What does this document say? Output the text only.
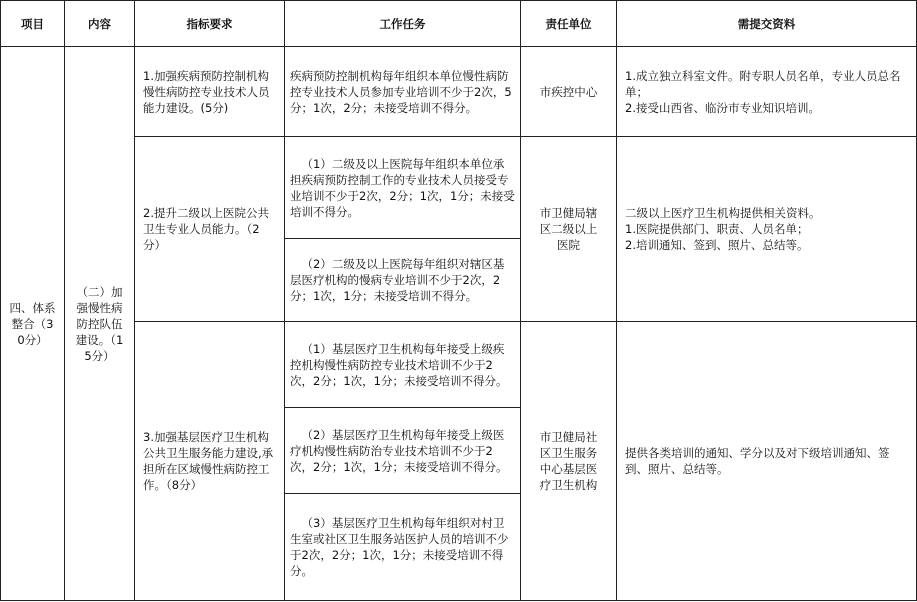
项目	内容	指标要求	工作任务	责任单位	需提交资料
四、体系整合（30分）	（二）加强慢性病防控队伍建设。（15分）	1.加强疾病预防控制机构慢性病防控专业技术人员能力建设。(5分)	疾病预防控制机构每年组织本单位慢性病防控专业技术人员参加专业培训不少于2次，5分；1次，2分；未接受培训不得分。	市疾控中心	1.成立独立科室文件。附专职人员名单，专业人员总名单；
2.接受山西省、临汾市专业知识培训。

		2.提升二级以上医院公共卫生专业人员能力。（2分）	（1）二级及以上医院每年组织本单位承担疾病预防控制工作的专业技术人员接受专业培训不少于2次，2分；1次，1分；未接受培训不得分。	市卫健局辖区二级以上医院	二级以上医疗卫生机构提供相关资料。
1.医院提供部门、职责、人员名单；
2.培训通知、签到、照片、总结等。

			（2）二级及以上医院每年组织对辖区基层医疗机构的慢病专业培训不少于2次，2分；1次，1分；未接受培训不得分。		
		3.加强基层医疗卫生机构公共卫生服务能力建设,承担所在区域慢性病防控工作。（8分）	（1）基层医疗卫生机构每年接受上级疾控机构慢性病防控专业技术培训不少于2次，2分；1次，1分；未接受培训不得分。	市卫健局社区卫生服务中心基层医疗卫生机构	提供各类培训的通知、学分以及对下级培训通知、签到、照片、总结等。
			（2）基层医疗卫生机构每年接受上级医疗机构慢性病防治专业技术培训不少于2次，2分；1次，1分；未接受培训不得分。		
			（3）基层医疗卫生机构每年组织对村卫生室或社区卫生服务站医护人员的培训不少于2次，2分；1次，1分；未接受培训不得分。		
